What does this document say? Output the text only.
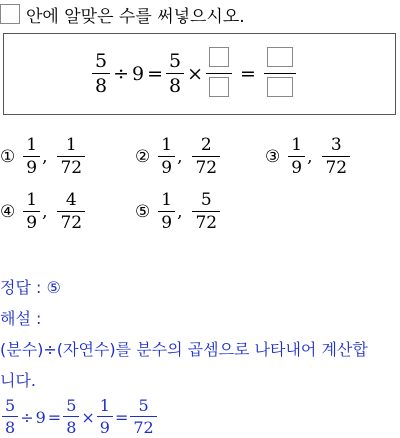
안에 알맞은 수를 써넣으시오.
$\frac{5}{8} \div 9 = \frac{5}{8}$ × =
① $\frac{1}{9}$ , $\frac{1}{72}$	② $\frac{1}{9}$ , $\frac{2}{72}$	③ $\frac{1}{9}$ , $\frac{3}{72}$
④ $\frac{1}{9}$ , $\frac{4}{72}$	⑤ $\frac{1}{9}$ , $\frac{5}{72}$
정답 : ⑤
해설 :
(분수)÷(자연수)를 분수의 곱셈으로 나타내어 계산합
니다.
$\frac{5}{8} \div 9 = \frac{5}{8} \times \frac{1}{9} = \frac{5}{72}$
